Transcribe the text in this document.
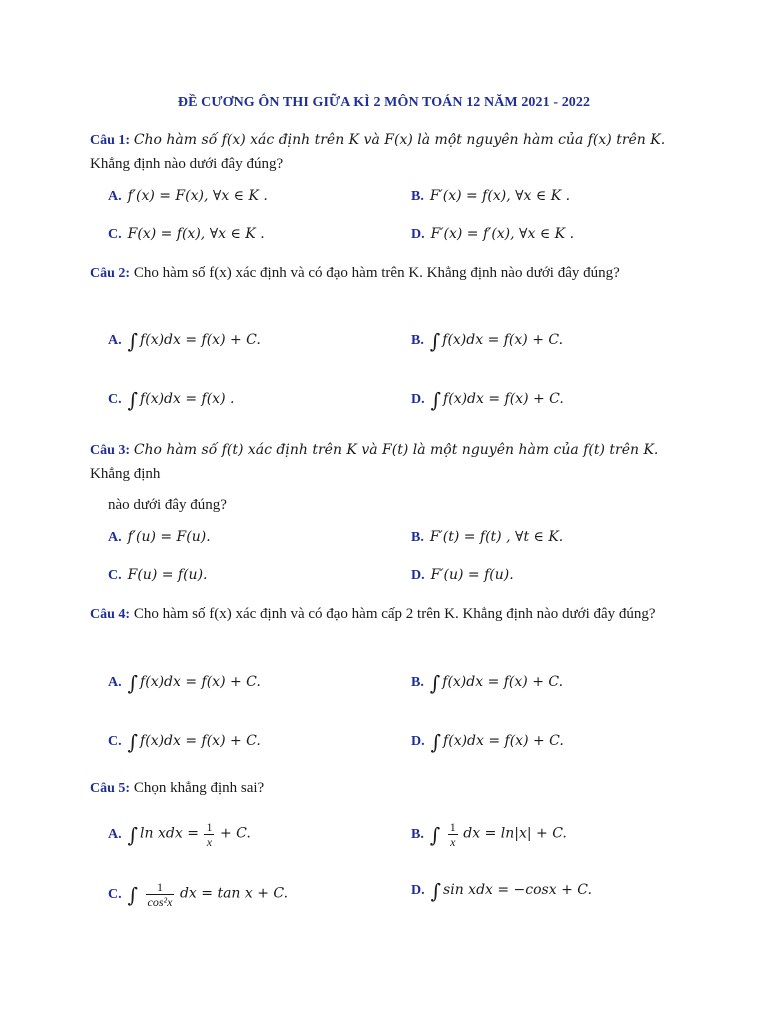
ĐỀ CƯƠNG ÔN THI GIỮA KÌ 2 MÔN TOÁN 12 NĂM 2021 - 2022
Câu 1: Cho hàm số f(x) xác định trên K và F(x) là một nguyên hàm của f(x) trên K.
Khẳng định nào dưới đây đúng?
A. f′(x) = F(x), ∀x ∈ K .	B. F′(x) = f(x), ∀x ∈ K .
C. F(x) = f(x), ∀x ∈ K .	D. F′(x) = f′(x), ∀x ∈ K .
Câu 2: Cho hàm số f(x) xác định và có đạo hàm trên K. Khẳng định nào dưới đây đúng?
A. ∫ f(x)dx = f(x) + C.	B. ∫ f(x)dx = f(x) + C.
C. ∫ f(x)dx = f(x) .	D. ∫ f(x)dx = f(x) + C.
Câu 3: Cho hàm số f(t) xác định trên K và F(t) là một nguyên hàm của f(t) trên K.
Khẳng định
nào dưới đây đúng?
A. f′(u) = F(u).	B. F′(t) = f(t) , ∀t ∈ K.
C. F(u) = f(u).	D. F′(u) = f(u).
Câu 4: Cho hàm số f(x) xác định và có đạo hàm cấp 2 trên K. Khẳng định nào dưới đây đúng?
A. ∫ f(x)dx = f(x) + C.	B. ∫ f(x)dx = f(x) + C.
C. ∫ f(x)dx = f(x) + C.	D. ∫ f(x)dx = f(x) + C.
Câu 5: Chọn khẳng định sai?
A. ∫ ln xdx = $\frac{1}{x} + C$.	B. ∫ $\frac{1}{x}$ dx = ln|x| + C.
C. ∫ $\frac{1}{\text{cos²x}}$ dx = tan x + C.	D. ∫ sin xdx = −cosx + C.
